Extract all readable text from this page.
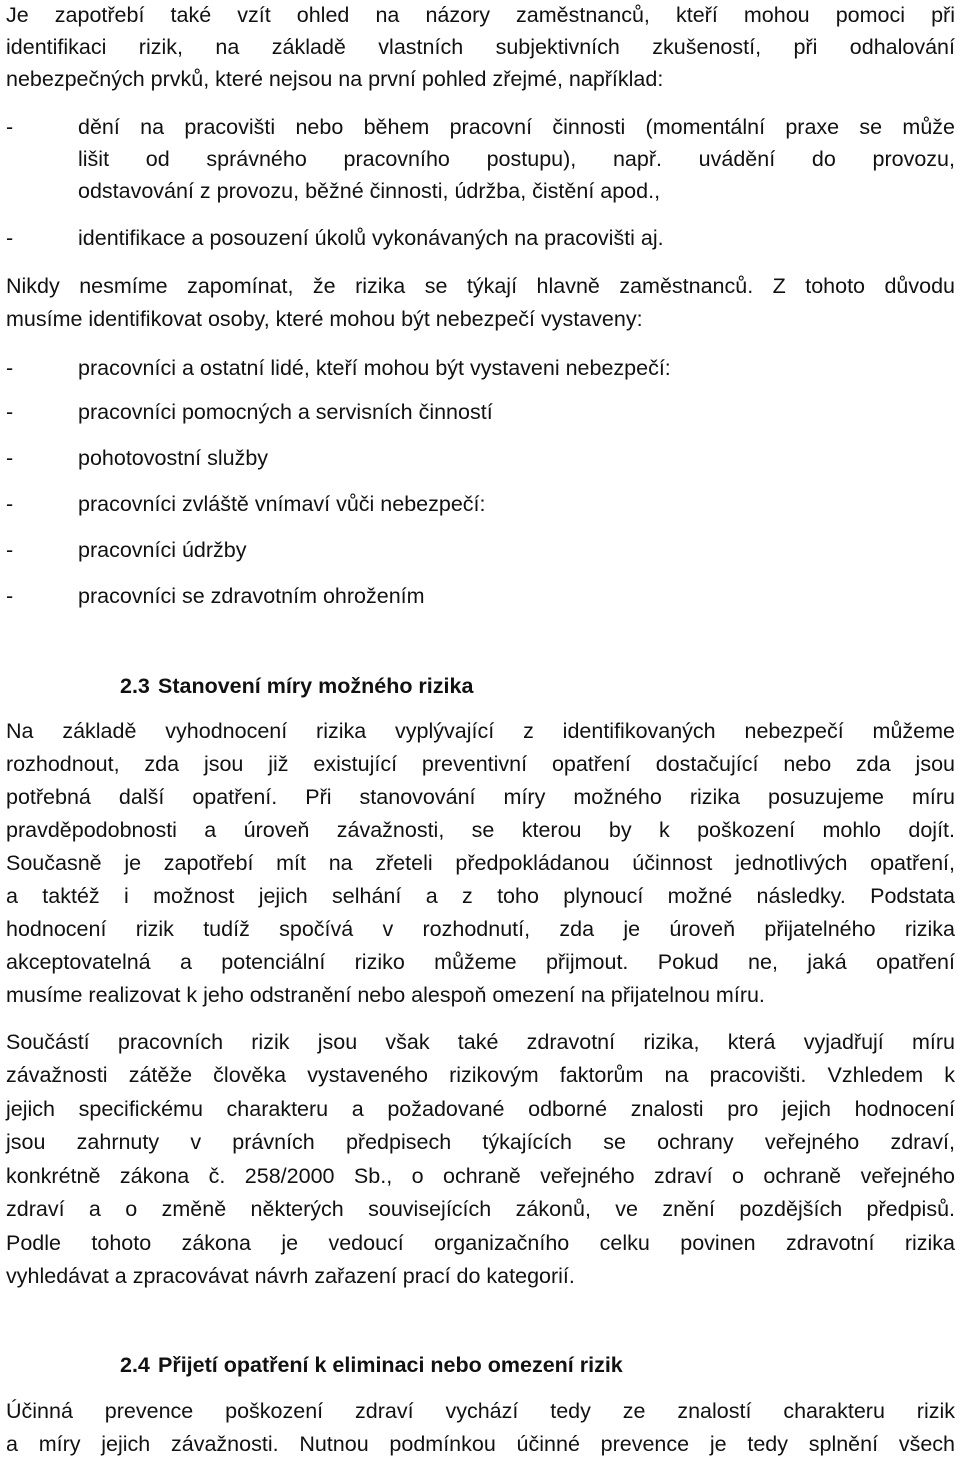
Je zapotřebí také vzít ohled na názory zaměstnanců, kteří mohou pomoci při
identifikaci rizik, na základě vlastních subjektivních zkušeností, při odhalování
nebezpečných prvků, které nejsou na první pohled zřejmé, například:
-	dění na pracovišti nebo během pracovní činnosti (momentální praxe se může
lišit od správného pracovního postupu), např. uvádění do provozu,
odstavování z provozu, běžné činnosti, údržba, čistění apod.,
-	identifikace a posouzení úkolů vykonávaných na pracovišti aj.
Nikdy nesmíme zapomínat, že rizika se týkají hlavně zaměstnanců. Z tohoto důvodu
musíme identifikovat osoby, které mohou být nebezpečí vystaveny:
-	pracovníci a ostatní lidé, kteří mohou být vystaveni nebezpečí:
-	pracovníci pomocných a servisních činností
-	pohotovostní služby
-	pracovníci zvláště vnímaví vůči nebezpečí:
-	pracovníci údržby
-	pracovníci se zdravotním ohrožením
2.3 Stanovení míry možného rizika
Na základě vyhodnocení rizika vyplývající z identifikovaných nebezpečí můžeme
rozhodnout, zda jsou již existující preventivní opatření dostačující nebo zda jsou
potřebná další opatření. Při stanovování míry možného rizika posuzujeme míru
pravděpodobnosti a úroveň závažnosti, se kterou by k poškození mohlo dojít.
Současně je zapotřebí mít na zřeteli předpokládanou účinnost jednotlivých opatření,
a taktéž i možnost jejich selhání a z toho plynoucí možné následky. Podstata
hodnocení rizik tudíž spočívá v rozhodnutí, zda je úroveň přijatelného rizika
akceptovatelná a potenciální riziko můžeme přijmout. Pokud ne, jaká opatření
musíme realizovat k jeho odstranění nebo alespoň omezení na přijatelnou míru.
Součástí pracovních rizik jsou však také zdravotní rizika, která vyjadřují míru
závažnosti zátěže člověka vystaveného rizikovým faktorům na pracovišti. Vzhledem k
jejich specifickému charakteru a požadované odborné znalosti pro jejich hodnocení
jsou zahrnuty v právních předpisech týkajících se ochrany veřejného zdraví,
konkrétně zákona č. 258/2000 Sb., o ochraně veřejného zdraví o ochraně veřejného
zdraví a o změně některých souvisejících zákonů, ve znění pozdějších předpisů.
Podle tohoto zákona je vedoucí organizačního celku povinen zdravotní rizika
vyhledávat a zpracovávat návrh zařazení prací do kategorií.
2.4 Přijetí opatření k eliminaci nebo omezení rizik
Účinná prevence poškození zdraví vychází tedy ze znalostí charakteru rizik
a míry jejich závažnosti. Nutnou podmínkou účinné prevence je tedy splnění všech
